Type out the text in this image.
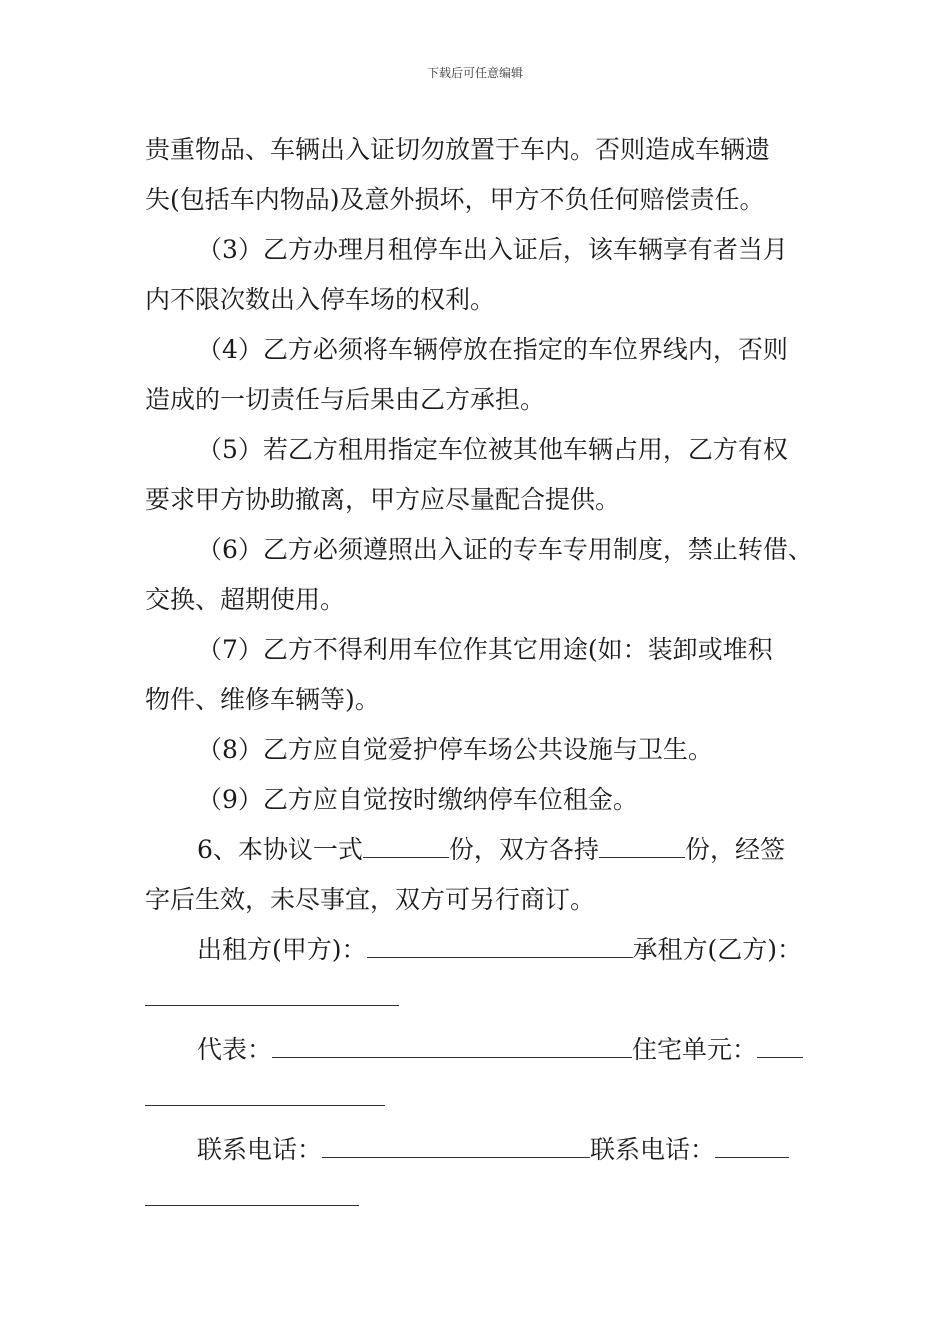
下载后可任意编辑
贵重物品、车辆出入证切勿放置于车内。否则造成车辆遗
失(包括车内物品)及意外损坏，甲方不负任何赔偿责任。
（3）乙方办理月租停车出入证后，该车辆享有者当月
内不限次数出入停车场的权利。
（4）乙方必须将车辆停放在指定的车位界线内，否则
造成的一切责任与后果由乙方承担。
（5）若乙方租用指定车位被其他车辆占用，乙方有权
要求甲方协助撤离，甲方应尽量配合提供。
（6）乙方必须遵照出入证的专车专用制度，禁止转借、
交换、超期使用。
（7）乙方不得利用车位作其它用途(如：装卸或堆积
物件、维修车辆等)。
（8）乙方应自觉爱护停车场公共设施与卫生。
（9）乙方应自觉按时缴纳停车位租金。
6、本协议一式	份，双方各持	份，经签
字后生效，未尽事宜，双方可另行商订。
出租方(甲方)：	承租方(乙方)：
代表：	住宅单元：
联系电话：	联系电话：
